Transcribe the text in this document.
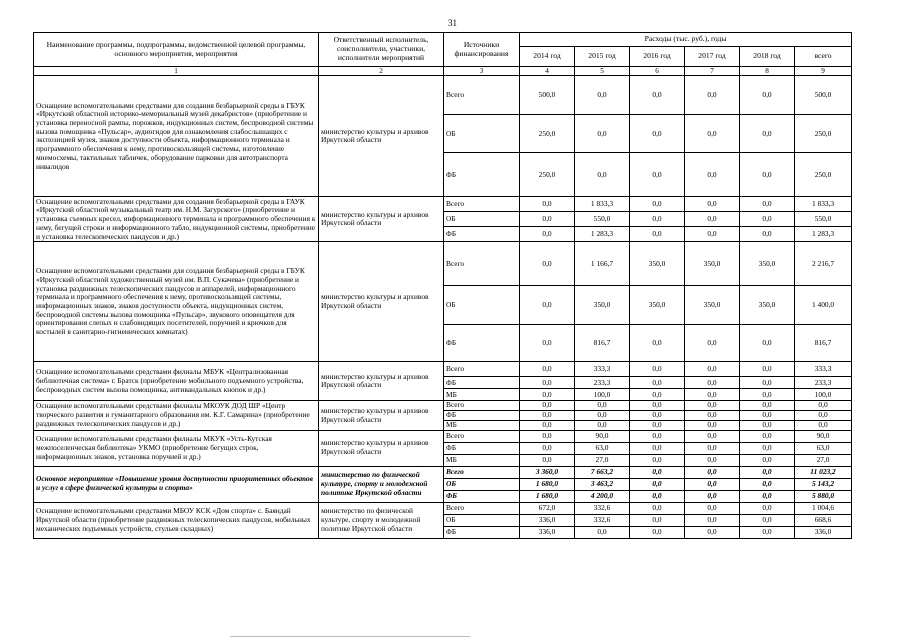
31
Наименование программы, подпрограммы, ведомственной целевой программы, основного мероприятия, мероприятия	Ответственный исполнитель, соисполнители, участники, исполнители мероприятий	Источники финансирования	Расходы (тыс. руб.), годы					
			2014 год	2015 год	2016 год	2017 год	2018 год	всего
1	2	3	4	5	6	7	8	9
Оснащение вспомогательными средствами для создания безбарьерной среды в ГБУК «Иркутский областной историко-мемориальный музей декабристов» (приобретение и установка переносной рампы, порожков, индукционных систем, беспроводной системы вызова помощника «Пульсар», аудиогидов для ознакомления слабослышащих с экспозицией музея, знаков доступности объекта, информационного терминала и программного обеспечения к нему, противоскользящей системы, изготовление мнемосхемы, тактильных табличек, оборудование парковки для автотранспорта инвалидов	министерство культуры и архивов Иркутской области	Всего	500,0	0,0	0,0	0,0	0,0	500,0
		ОБ	250,0	0,0	0,0	0,0	0,0	250,0
		ФБ	250,0	0,0	0,0	0,0	0,0	250,0
Оснащение вспомогательными средствами для создания безбарьерной среды в ГАУК «Иркутский областной музыкальный театр им. Н.М. Загурского» (приобретение и установка съемных кресел, информационного терминала и программного обеспечения к нему, бегущей строки и информационного табло, индукционной системы, приобретение и установка телескопических пандусов и др.)	министерство культуры и архивов Иркутской области	Всего	0,0	1 833,3	0,0	0,0	0,0	1 833,3
		ОБ	0,0	550,0	0,0	0,0	0,0	550,0
		ФБ	0,0	1 283,3	0,0	0,0	0,0	1 283,3
Оснащение вспомогательными средствами для создания безбарьерной среды в ГБУК «Иркутский областной художественный музей им. В.П. Сукачева» (приобретение и установка раздвижных телескопических пандусов и аппарелей, информационного терминала и программного обеспечения к нему, противоскользящей системы, информационных знаков, знаков доступности объекта, индукционных систем, беспроводной системы вызова помощника «Пульсар», звукового оповещателя для ориентирования слепых и слабовидящих посетителей, поручней и крючков для костылей в санитарно-гигиенических комнатах)	министерство культуры и архивов Иркутской области	Всего	0,0	1 166,7	350,0	350,0	350,0	2 216,7
		ОБ	0,0	350,0	350,0	350,0	350,0	1 400,0
		ФБ	0,0	816,7	0,0	0,0	0,0	816,7
Оснащение вспомогательными средствами филиалы МБУК «Централизованная библиотечная система» г. Братск (приобретение мобильного подъемного устройства, беспроводных систем вызова помощника, антивандальных кнопок и др.)	министерство культуры и архивов Иркутской области	Всего	0,0	333,3	0,0	0,0	0,0	333,3
		ФБ	0,0	233,3	0,0	0,0	0,0	233,3
		МБ	0,0	100,0	0,0	0,0	0,0	100,0
Оснащение вспомогательными средствами филиалы МКОУК ДОД ШР «Центр творческого развития и гуманитарного образования им. К.Г. Самарина» (приобретение раздвижных телескопических пандусов и др.)	министерство культуры и архивов Иркутской области	Всего	0,0	0,0	0,0	0,0	0,0	0,0
		ФБ	0,0	0,0	0,0	0,0	0,0	0,0
		МБ	0,0	0,0	0,0	0,0	0,0	0,0
Оснащение вспомогательными средствами филиалы МКУК «Усть-Кутская межпоселенческая библиотека» УКМО (приобретение бегущих строк, информационных знаков, установка поручней и др.)	министерство культуры и архивов Иркутской области	Всего	0,0	90,0	0,0	0,0	0,0	90,0
		ФБ	0,0	63,0	0,0	0,0	0,0	63,0
		МБ	0,0	27,0	0,0	0,0	0,0	27,0
Основное мероприятие «Повышение уровня доступности приоритетных объектов и услуг в сфере физической культуры и спорта»	министерство по физической культуре, спорту и молодежной политике Иркутской области	Всего	3 360,0	7 663,2	0,0	0,0	0,0	11 023,2
		ОБ	1 680,0	3 463,2	0,0	0,0	0,0	5 143,2
		ФБ	1 680,0	4 200,0	0,0	0,0	0,0	5 880,0
Оснащение вспомогательными средствами МБОУ КСК «Дом спорта» с. Баяндай Иркутской области (приобретение раздвижных телескопических пандусов, мобильных механических подъемных устройств, стульев складных)	министерство по физической культуре, спорту и молодежной политике Иркутской области	Всего	672,0	332,6	0,0	0,0	0,0	1 004,6
		ОБ	336,0	332,6	0,0	0,0	0,0	668,6
		ФБ	336,0	0,0	0,0	0,0	0,0	336,0
